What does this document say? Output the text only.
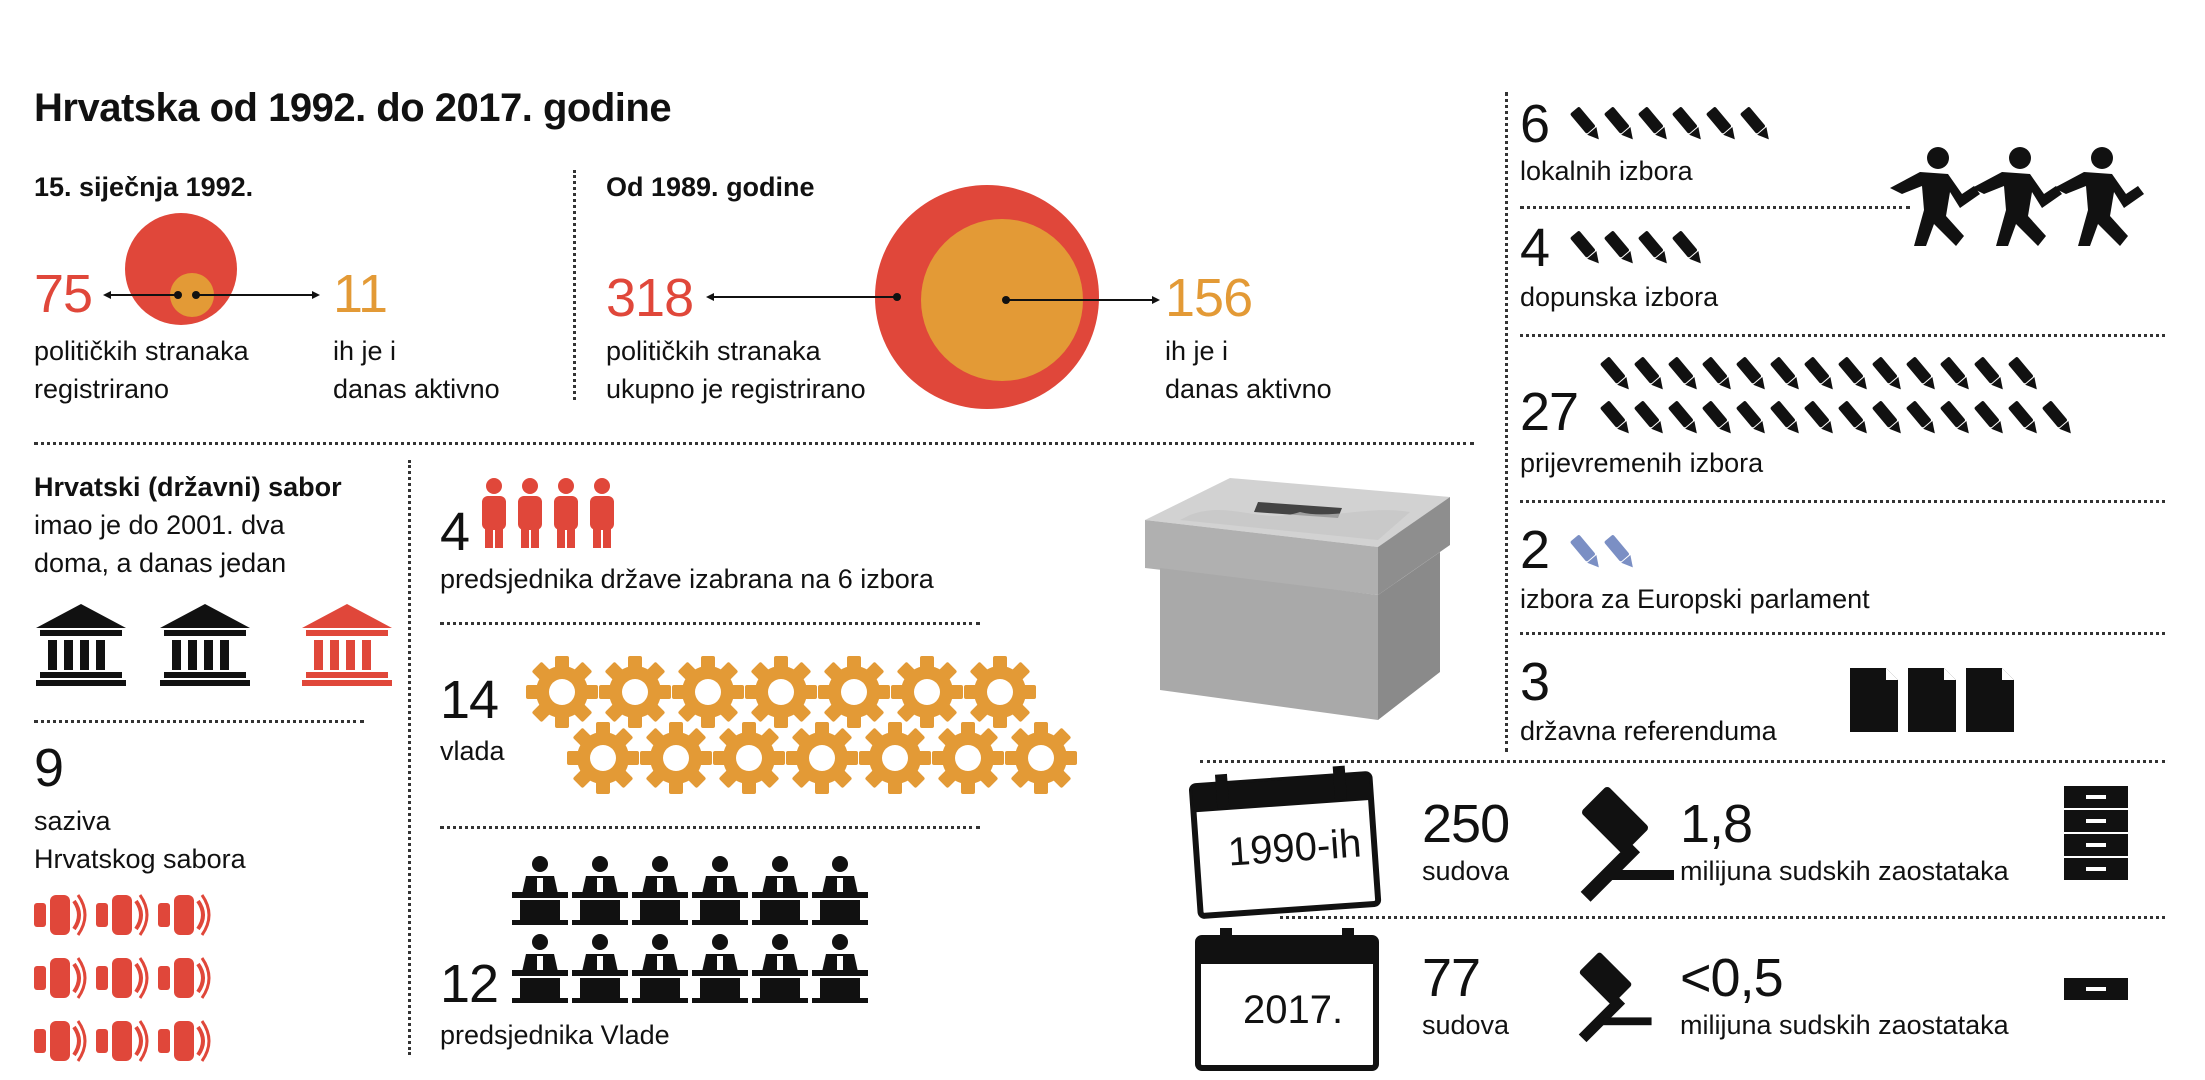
Hrvatska od 1992. do 2017. godine
15. siječnja 1992.
75
političkih stranaka
registrirano
11
ih je i
danas aktivno
Od 1989. godine
318
političkih stranaka
ukupno je registrirano
156
ih je i
danas aktivno
Hrvatski (državni) sabor
imao je do 2001. dva
doma, a danas jedan
9
saziva
Hrvatskog sabora
4
predsjednika države izabrana na 6 izbora
14
vlada
12
predsjednika Vlade
6
lokalnih izbora
4
dopunska izbora
27
prijevremenih izbora
2
izbora za Europski parlament
3
državna referenduma
1990-ih
2017.
250
sudova
1,8
milijuna sudskih zaostataka
77
sudova
<0,5
milijuna sudskih zaostataka
